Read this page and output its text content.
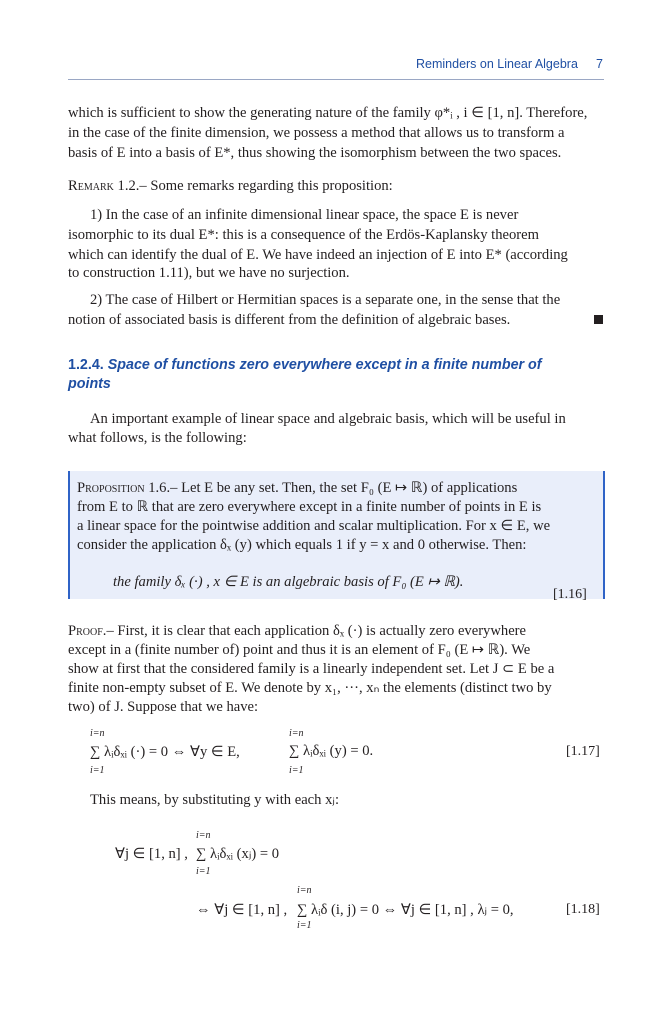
Reminders on Linear Algebra 7

which is sufficient to show the generating nature of the family φ*ᵢ , i ∈ [1, n]. Therefore,

in the case of the finite dimension, we possess a method that allows us to transform a

basis of E into a basis of E*, thus showing the isomorphism between the two spaces.

Remark 1.2.– Some remarks regarding this proposition:

1) In the case of an infinite dimensional linear space, the space E is never

isomorphic to its dual E*: this is a consequence of the Erdös-Kaplansky theorem

which can identify the dual of E. We have indeed an injection of E into E* (according

to construction 1.11), but we have no surjection.

2) The case of Hilbert or Hermitian spaces is a separate one, in the sense that the

notion of associated basis is different from the definition of algebraic bases.

1.2.4. Space of functions zero everywhere except in a finite number of

points

An important example of linear space and algebraic basis, which will be useful in

what follows, is the following:

Proposition 1.6.– Let E be any set. Then, the set F₀ (E ↦ ℝ) of applications

from E to ℝ that are zero everywhere except in a finite number of points in E is

a linear space for the pointwise addition and scalar multiplication. For x ∈ E, we

consider the application δₓ (y) which equals 1 if y = x and 0 otherwise. Then:

the family δₓ (·) , x ∈ E is an algebraic basis of F₀ (E ↦ ℝ).

[1.16]

Proof.– First, it is clear that each application δₓ (·) is actually zero everywhere

except in a (finite number of) point and thus it is an element of F₀ (E ↦ ℝ). We

show at first that the considered family is a linearly independent set. Let J ⊂ E be a

finite non-empty subset of E. We denote by x₁, ···, xₙ the elements (distinct two by

two) of J. Suppose that we have:

i=n
i=1
∑ λᵢδₓᵢ (·) = 0 ⇔ ∀y ∈ E,
i=n
i=1
∑ λᵢδₓᵢ (y) = 0.	[1.17]

This means, by substituting y with each xⱼ:

∀j ∈ [1, n] ,
i=n
i=1
∑ λᵢδₓᵢ (xⱼ) = 0
⇔ ∀j ∈ [1, n] ,
i=n
i=1
∑ λᵢδ (i, j) = 0 ⇔ ∀j ∈ [1, n] , λⱼ = 0,	[1.18]
